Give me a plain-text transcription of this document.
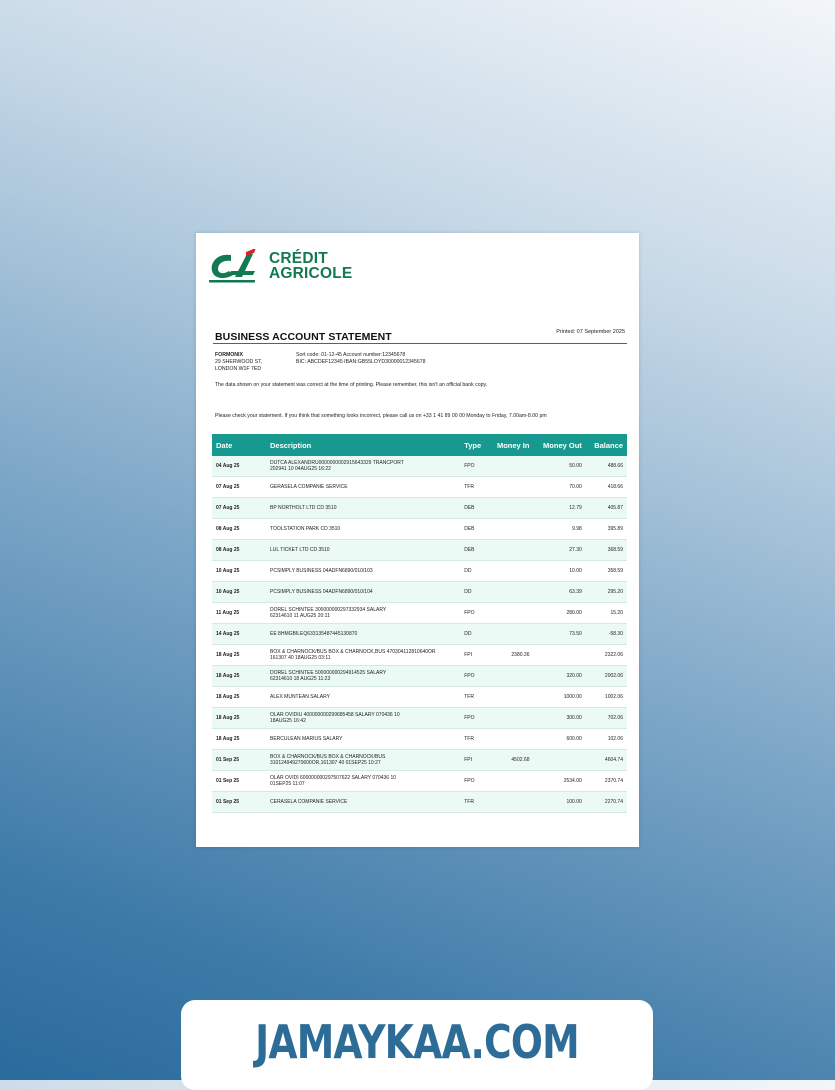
CRÉDIT
AGRICOLE
BUSINESS ACCOUNT STATEMENT	Printed: 07 September 2025
FORMONIX
29 SHERWOOD ST,
LONDON W1F 7ED
Sort code: 01-12-45 Account number:12345678
BIC: ABCDEF12345 IBAN:GB55LOYD30000012345678
The data shown on your statement was correct at the time of printing. Please remember, this isn't an official bank copy.
Please check your statement. If you think that something looks incorrect, please call us on +33 1 41 89 00 00 Monday to Friday, 7.00am-8.00 pm
Date	Description	Type	Money In	Money Out	Balance
04 Aug 25	DUTCA ALEXANDRU0000000002915643329 TRANCPORT
202941 10 04AUG25 16:22	FPO		50.00	488.66
07 Aug 25	GERASELA COMPANIE SERVICE	TFR		70.00	418.66
07 Aug 25	BP NORTHOLT LTD CD 3510	DEB		12.79	405.87
08 Aug 25	TOOLSTATION PARK CD 3510	DEB		9.98	395.89
08 Aug 25	LUL TICKET LTD CD 3510	DEB		27.30	368.59
10 Aug 25	PCSIMPLY BUSINESS 04ADFN6890/010/103	DD		10.00	358.59
10 Aug 25	PCSIMPLY BUSINESS 04ADFN6890/010/104	DD		63.39	295.20
11 Aug 25	DOREL SCHINTEE 300000000297332934 SALARY
62314610 11 AUG25 20:11	FPO		280.00	15.20
14 Aug 25	EE 8HMGBILEQ633135487445130870	DD		73.50	-58.30
18 Aug 25	BOX & CHARNOCK/BUS BOX & CHARNOCK,BUS 470304112810640OR
161307 40 18AUG25 03:11	FPI	2380.36		2322.06
18 Aug 25	DOREL SCHINTEE 500000000294914525 SALARY
62314610 18 AUG25 11:23	FPO		320.00	2002.06
18 Aug 25	ALEX MUNTEAN SALARY	TFR		1000.00	1002.06
18 Aug 25	OLAR OVIDIU 400000000299685458 SALARY 070436 10
18AUG25 16:42	FPO		300.00	702.06
18 Aug 25	BERCULEAN MARIUS SALARY	TFR		600.00	102.06
01 Sep 25	BOX & CHARNOCK/BUS BOX & CHARNOCK/BUS
310124949270600OR,161307 40 01SEP25 10:27	FPI	4502.68		4604.74
01 Sep 25	OLAR OVIDI 600000000297507622 SALARY 070436 10
01SEP25 11:07	FPO		2534.00	2370.74
01 Sep 25	CERASELA COMPANIE SERVICE	TFR		100.00	2270.74
JAMAYKAA.COM
